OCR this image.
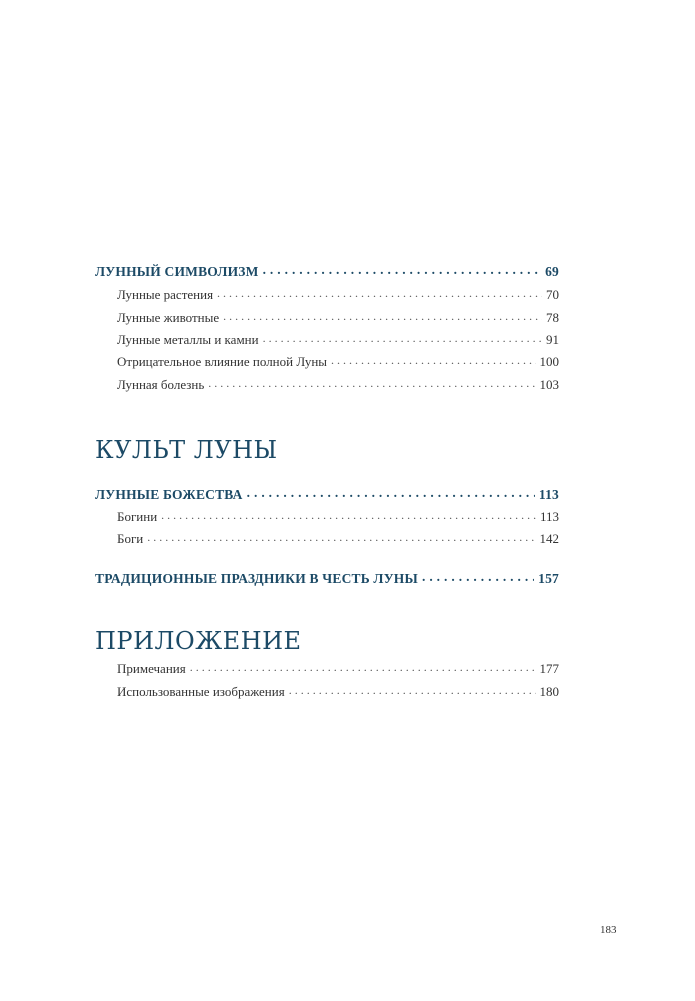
ЛУННЫЙ СИМВОЛИЗМ . . .	69
Лунные растения . . .	70
Лунные животные . . .	78
Лунные металлы и камни . . .	91
Отрицательное влияние полной Луны . . .	100
Лунная болезнь . . .	103
КУЛЬТ ЛУНЫ
ЛУННЫЕ БОЖЕСТВА . . .	113
Богини . . .	113
Боги . . .	142
ТРАДИЦИОННЫЕ ПРАЗДНИКИ В ЧЕСТЬ ЛУНЫ . . .	157
ПРИЛОЖЕНИЕ
Примечания . . .	177
Использованные изображения . . .	180
183
